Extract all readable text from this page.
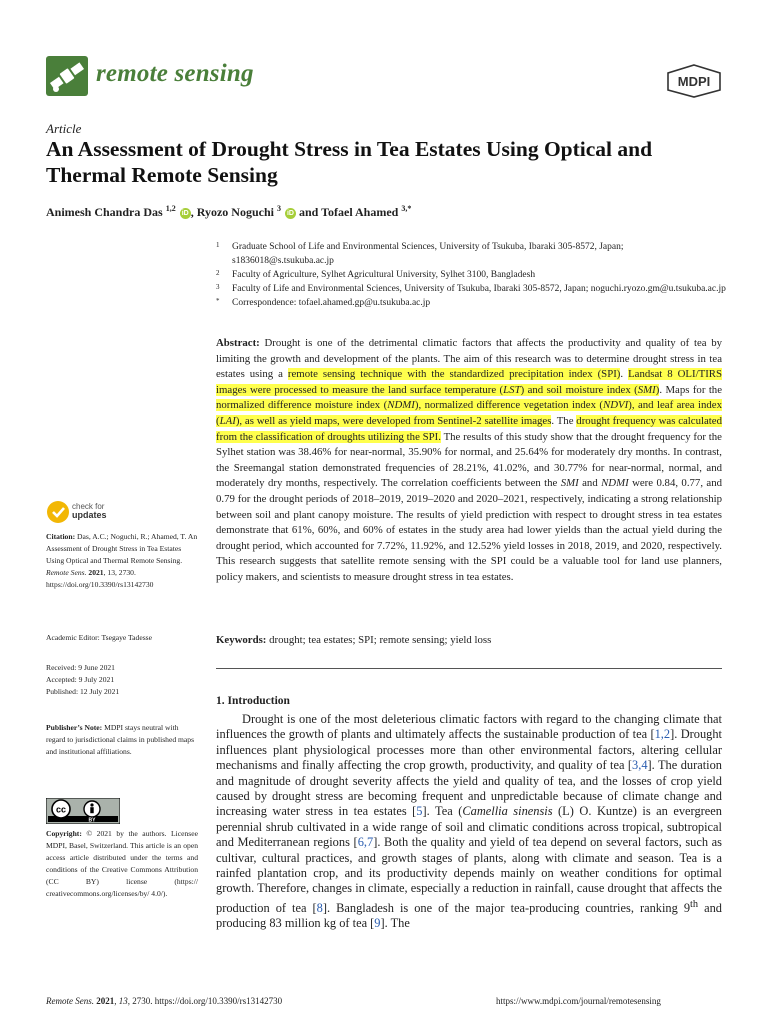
remote sensing	MDPI
Article
An Assessment of Drought Stress in Tea Estates Using Optical and Thermal Remote Sensing
Animesh Chandra Das $^{1,2}$ iD , Ryozo Noguchi $^3$ iD and Tofael Ahamed $^{3,*}$
1	Graduate School of Life and Environmental Sciences, University of Tsukuba, Ibaraki 305-8572, Japan; s1836018@s.tsukuba.ac.jp
2	Faculty of Agriculture, Sylhet Agricultural University, Sylhet 3100, Bangladesh
3	Faculty of Life and Environmental Sciences, University of Tsukuba, Ibaraki 305-8572, Japan; noguchi.ryozo.gm@u.tsukuba.ac.jp
*	Correspondence: tofael.ahamed.gp@u.tsukuba.ac.jp
Abstract: Drought is one of the detrimental climatic factors that affects the productivity and quality of tea by limiting the growth and development of the plants. The aim of this research was to determine drought stress in tea estates using a remote sensing technique with the standardized precipitation index (SPI). Landsat 8 OLI/TIRS images were processed to measure the land surface temperature (LST) and soil moisture index (SMI). Maps for the normalized difference moisture index (NDMI), normalized difference vegetation index (NDVI), and leaf area index (LAI), as well as yield maps, were developed from Sentinel-2 satellite images. The drought frequency was calculated from the classification of droughts utilizing the SPI. The results of this study show that the drought frequency for the Sylhet station was 38.46% for near-normal, 35.90% for normal, and 25.64% for moderately dry months. In contrast, the Sreemangal station demonstrated frequencies of 28.21%, 41.02%, and 30.77% for near-normal, normal, and moderately dry months, respectively. The correlation coefficients between the SMI and NDMI were 0.84, 0.77, and 0.79 for the drought periods of 2018–2019, 2019–2020 and 2020–2021, respectively, indicating a strong relationship between soil and plant canopy moisture. The results of yield prediction with respect to drought stress in tea estates demonstrate that 61%, 60%, and 60% of estates in the study area had lower yields than the actual yield during the drought period, which accounted for 7.72%, 11.92%, and 12.52% yield losses in 2018, 2019, and 2020, respectively. This research suggests that satellite remote sensing with the SPI could be a valuable tool for land use planners, policy makers, and scientists to measure drought stress in tea estates.
Keywords: drought; tea estates; SPI; remote sensing; yield loss
1. Introduction

Drought is one of the most deleterious climatic factors with regard to the changing climate that influences the growth of plants and ultimately affects the sustainable production of tea [1,2]. Drought influences plant physiological processes more than other environmental factors, altering cellular mechanisms and finally affecting the crop growth, productivity, and quality of tea [3,4]. The duration and magnitude of drought severity affects the yield and quality of tea, and the losses of crop yield caused by drought stress are becoming frequent and unpredictable because of climate change and increasing water stress in tea estates [5]. Tea (Camellia sinensis (L) O. Kuntze) is an evergreen perennial shrub cultivated in a wide range of soil and climatic conditions across tropical, subtropical and Mediterranean regions [6,7]. Both the quality and yield of tea depend on several factors, such as cultivar, cultural practices, and growth stages of plants, along with climate and season. Tea is a rainfed plantation crop, and its productivity depends mainly on weather conditions for optimal growth. Therefore, changes in climate, especially a reduction in rainfall, cause drought that affects the production of tea [8]. Bangladesh is one of the major tea-producing countries, ranking 9th and producing 83 million kg of tea [9]. The

check for
updates
Citation: Das, A.C.; Noguchi, R.; Ahamed, T. An Assessment of Drought Stress in Tea Estates Using Optical and Thermal Remote Sensing. Remote Sens. 2021, 13, 2730. https://doi.org/10.3390/rs13142730
Academic Editor: Tsegaye Tadesse
Received: 9 June 2021
Accepted: 9 July 2021
Published: 12 July 2021
Publisher’s Note: MDPI stays neutral with regard to jurisdictional claims in published maps and institutional affiliations.
cc
BY
Copyright: © 2021 by the authors. Licensee MDPI, Basel, Switzerland. This article is an open access article distributed under the terms and conditions of the Creative Commons Attribution (CC BY) license (https:// creativecommons.org/licenses/by/ 4.0/).
Remote Sens. 2021, 13, 2730. https://doi.org/10.3390/rs13142730	https://www.mdpi.com/journal/remotesensing
